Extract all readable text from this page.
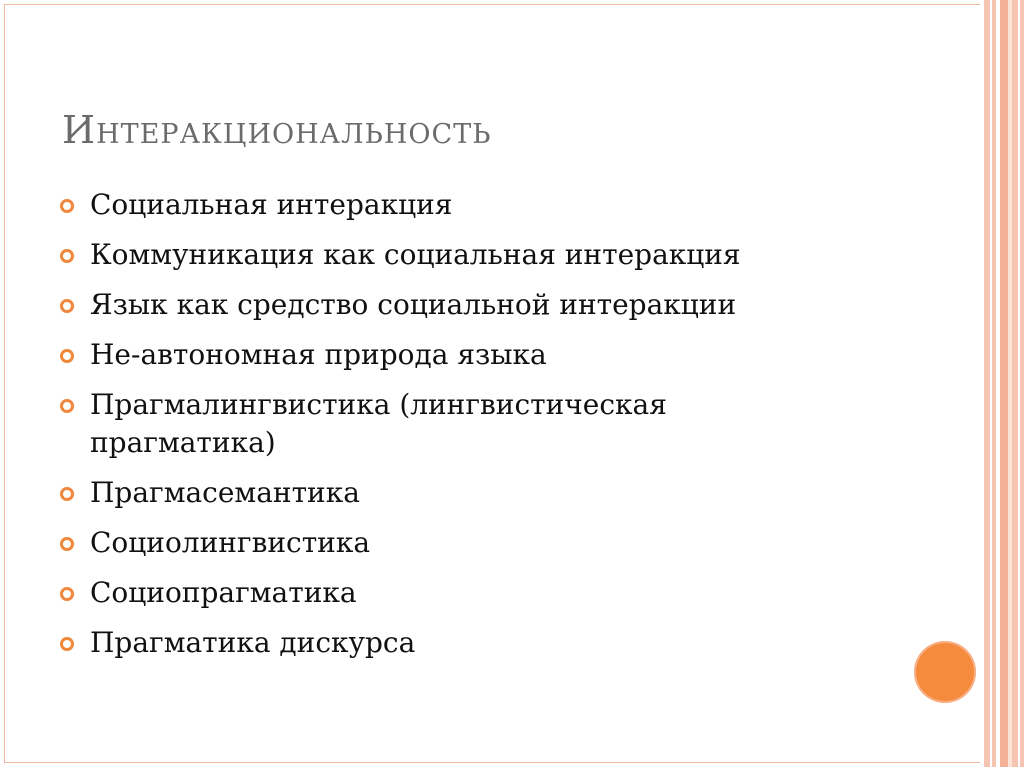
Интеракциональность
Социальная интеракция
Коммуникация как социальная интеракция
Язык как средство социальной интеракции
Не-автономная природа языка
Прагмалингвистика (лингвистическая прагматика)
Прагмасемантика
Социолингвистика
Социопрагматика
Прагматика дискурса
